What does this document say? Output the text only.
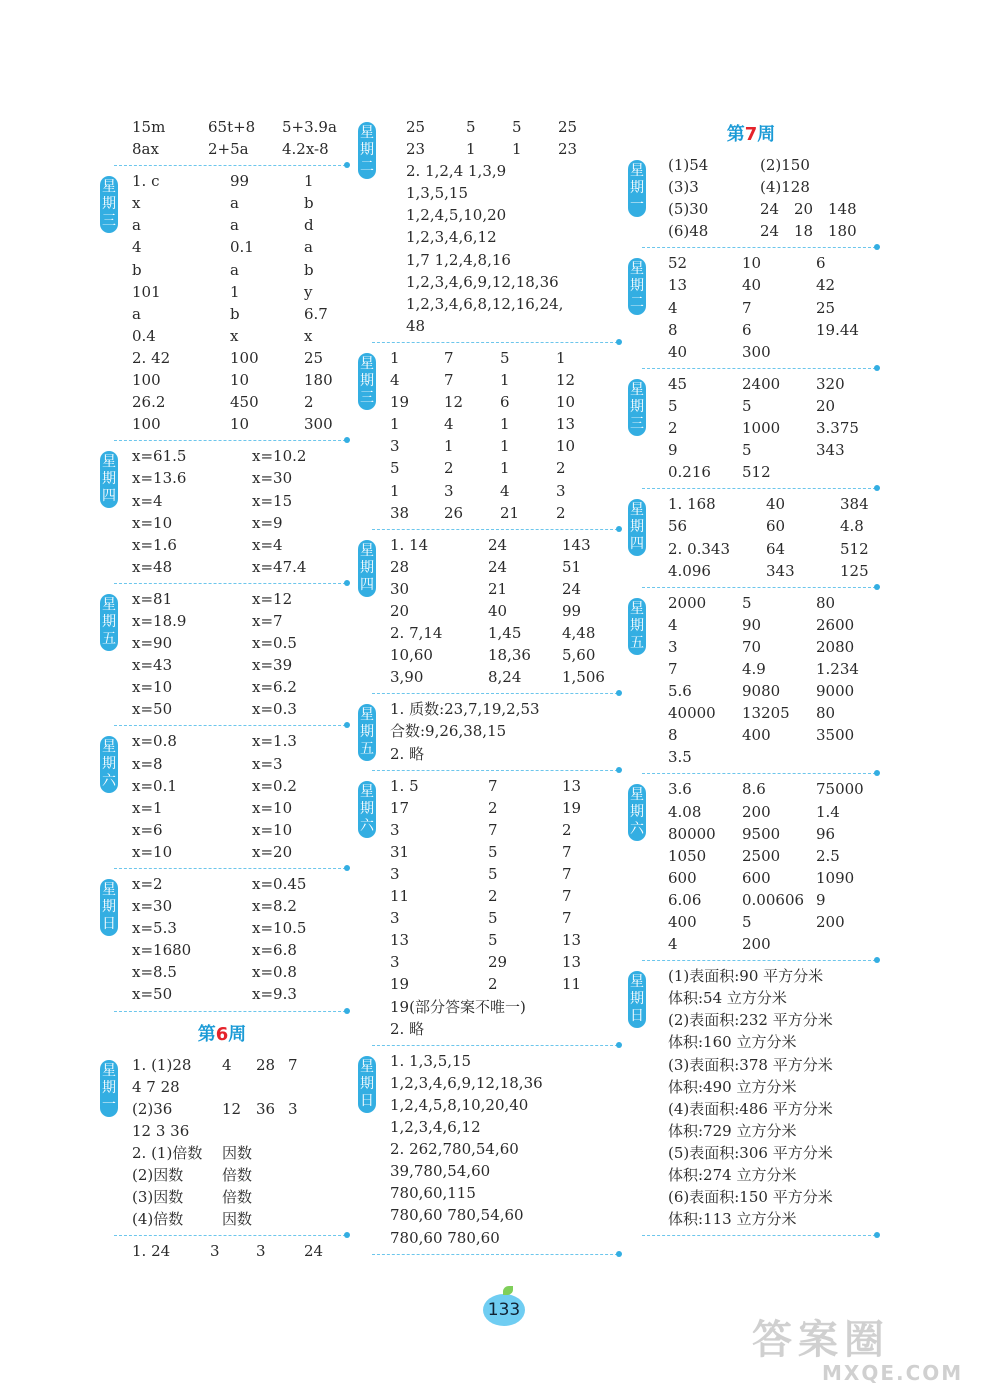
15m	65t+8 5+3.9a
8ax	2+5a 4.2x-8
星期三
1. c	99	1
x	a	b
a	a	d
4	0.1	a
b	a	b
101	1	y
a	b	6.7
0.4	x	x
2. 42	100	25
100	10	180
26.2	450	2
100	10	300
星期四
x=61.5	x=10.2
x=13.6	x=30
x=4	x=15
x=10	x=9
x=1.6	x=4
x=48	x=47.4
星期五
x=81	x=12
x=18.9	x=7
x=90	x=0.5
x=43	x=39
x=10	x=6.2
x=50	x=0.3
星期六
x=0.8	x=1.3
x=8	x=3
x=0.1	x=0.2
x=1	x=10
x=6	x=10
x=10	x=20
星期日
x=2	x=0.45
x=30	x=8.2
x=5.3	x=10.5
x=1680	x=6.8
x=8.5	x=0.8
x=50	x=9.3
第6周
星期一
1. (1)28 4 28 7
4 7 28
(2)36	12 36 3
12 3 36
2. (1)倍数 因数
(2)因数	倍数
(3)因数	倍数
(4)倍数	因数
1. 24	3 3	24
星期二
25	5 5 25
23	1 1 23
2. 1,2,4 1,3,9
1,3,5,15
1,2,4,5,10,20
1,2,3,4,6,12
1,7 1,2,4,8,16
1,2,3,4,6,9,12,18,36
1,2,3,4,6,8,12,16,24,
48
星期三
1	7	5	1
4	7	1	12
19 12 6	10
1	4	1	13
3	1	1	10
5	2	1	2
1	3	4	3
38 26 21 2
星期四
1. 14	24	143
28	24	51
30	21	24
20	40	99
2. 7,14	1,45	4,48
10,60	18,36 5,60
3,90	8,24	1,506
星期五
1. 质数:23,7,19,2,53
合数:9,26,38,15
2. 略
星期六
1. 5	7	13
17	2	19
3	7	2
31	5	7
3	5	7
11	2	7
3	5	7
13	5	13
3	29	13
19	2	11
19(部分答案不唯一)
2. 略
星期日
1. 1,3,5,15
1,2,3,4,6,9,12,18,36
1,2,4,5,8,10,20,40
1,2,3,4,6,12
2. 262,780,54,60
39,780,54,60
780,60,115
780,60 780,54,60
780,60 780,60
第7周
星期一
(1)54	(2)150
(3)3	(4)128
(5)30	24 20 148
(6)48	24 18 180
星期二
52	10	6
13	40	42
4	7	25
8	6	19.44
40	300
星期三
45	2400 320
5	5	20
2	1000 3.375
9	5	343
0.216 512
星期四
1. 168	40	384
56	60	4.8
2. 0.343 64	512
4.096	343	125
星期五
2000 5	80
4	90	2600
3	70	2080
7	4.9	1.234
5.6	9080 9000
40000 13205 80
8	400	3500
3.5
星期六
3.6	8.6	75000
4.08	200	1.4
80000 9500 96
1050 2500 2.5
600	600	1090
6.06	0.00606 9
400	5	200
4	200
星期日
(1)表面积:90 平方分米
体积:54 立方分米
(2)表面积:232 平方分米
体积:160 立方分米
(3)表面积:378 平方分米
体积:490 立方分米
(4)表面积:486 平方分米
体积:729 立方分米
(5)表面积:306 平方分米
体积:274 立方分米
(6)表面积:150 平方分米
体积:113 立方分米
133
答案圈
MXQE.COM
